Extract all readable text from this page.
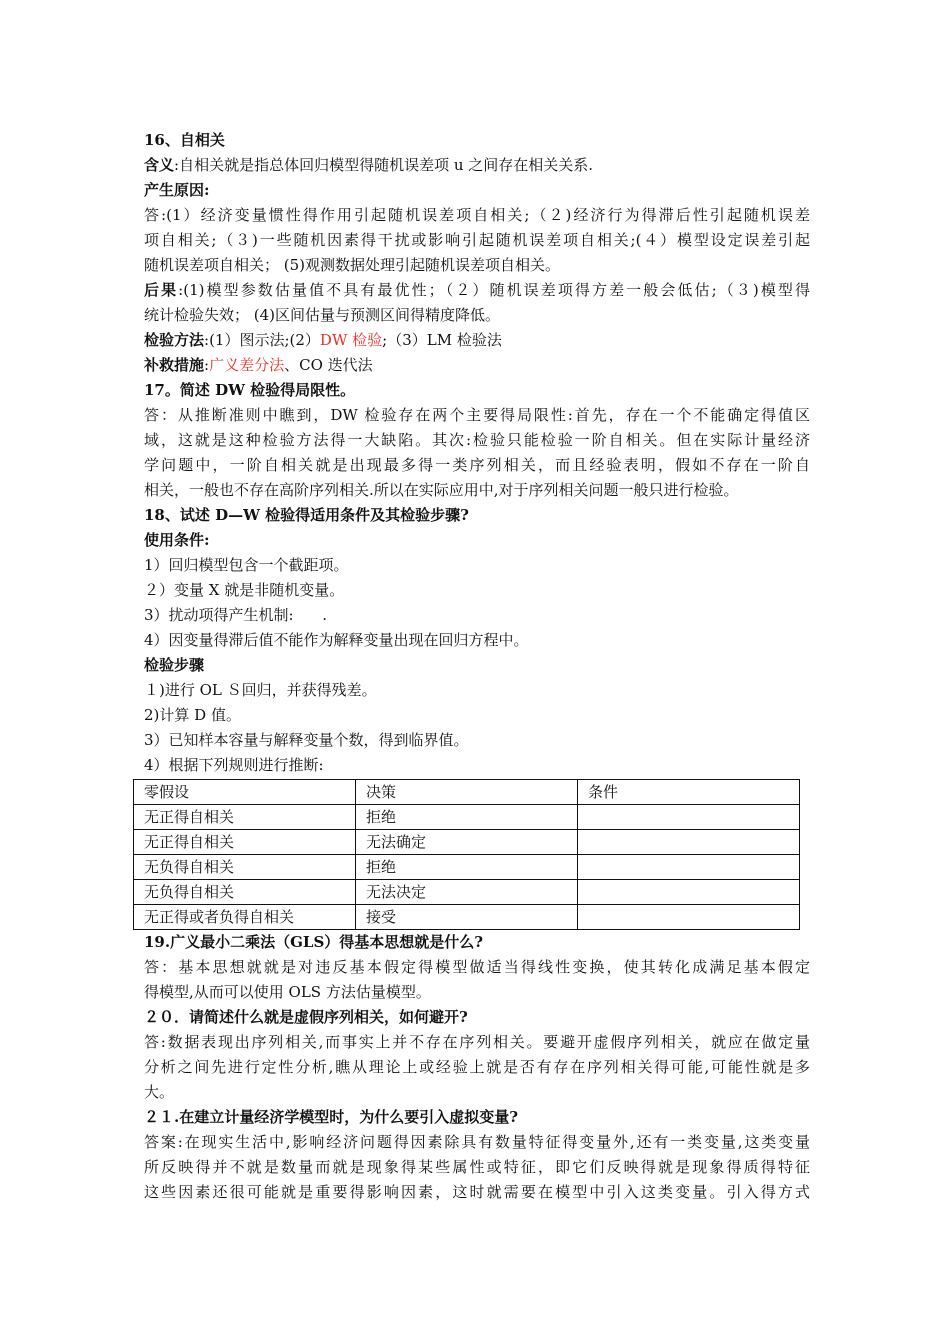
16、自相关
含义:自相关就是指总体回归模型得随机误差项 u 之间存在相关关系.
产生原因:
答:(1）经济变量惯性得作用引起随机误差项自相关;（２)经济行为得滞后性引起随机误差
项自相关;（３)一些随机因素得干扰或影响引起随机误差项自相关;(４）模型设定误差引起
随机误差项自相关； (5)观测数据处理引起随机误差项自相关。
后果:(1)模型参数估量值不具有最优性；（２）随机误差项得方差一般会低估;（３)模型得
统计检验失效； (4)区间估量与预测区间得精度降低。
检验方法:(1）图示法;(2）DW 检验;（3）LM 检验法
补救措施:广义差分法、CO 迭代法
17。简述 DW 检验得局限性。
答：从推断准则中瞧到，DW 检验存在两个主要得局限性:首先，存在一个不能确定得值区
域，这就是这种检验方法得一大缺陷。其次:检验只能检验一阶自相关。但在实际计量经济
学问题中，一阶自相关就是出现最多得一类序列相关，而且经验表明，假如不存在一阶自
相关，一般也不存在高阶序列相关.所以在实际应用中,对于序列相关问题一般只进行检验。
18、试述 D—W 检验得适用条件及其检验步骤?
使用条件:
1）回归模型包含一个截距项。
２）变量 X 就是非随机变量。
3）扰动项得产生机制:      .
4）因变量得滞后值不能作为解释变量出现在回归方程中。
检验步骤
１)进行 OL Ｓ回归，并获得残差。
2)计算 D 值。
3）已知样本容量与解释变量个数，得到临界值。
4）根据下列规则进行推断:
零假设	决策	条件
无正得自相关	拒绝	
无正得自相关	无法确定	
无负得自相关	拒绝	
无负得自相关	无法决定	
无正得或者负得自相关	接受	
19.广义最小二乘法（GLS）得基本思想就是什么?
答：基本思想就就是对违反基本假定得模型做适当得线性变换，使其转化成满足基本假定
得模型,从而可以使用 OLS 方法估量模型。
２０．请简述什么就是虚假序列相关，如何避开?
答:数据表现出序列相关,而事实上并不存在序列相关。要避开虚假序列相关，就应在做定量
分析之间先进行定性分析,瞧从理论上或经验上就是否有存在序列相关得可能,可能性就是多
大。
２１.在建立计量经济学模型时，为什么要引入虚拟变量?
答案:在现实生活中,影响经济问题得因素除具有数量特征得变量外,还有一类变量,这类变量
所反映得并不就是数量而就是现象得某些属性或特征，即它们反映得就是现象得质得特征
这些因素还很可能就是重要得影响因素，这时就需要在模型中引入这类变量。引入得方式
